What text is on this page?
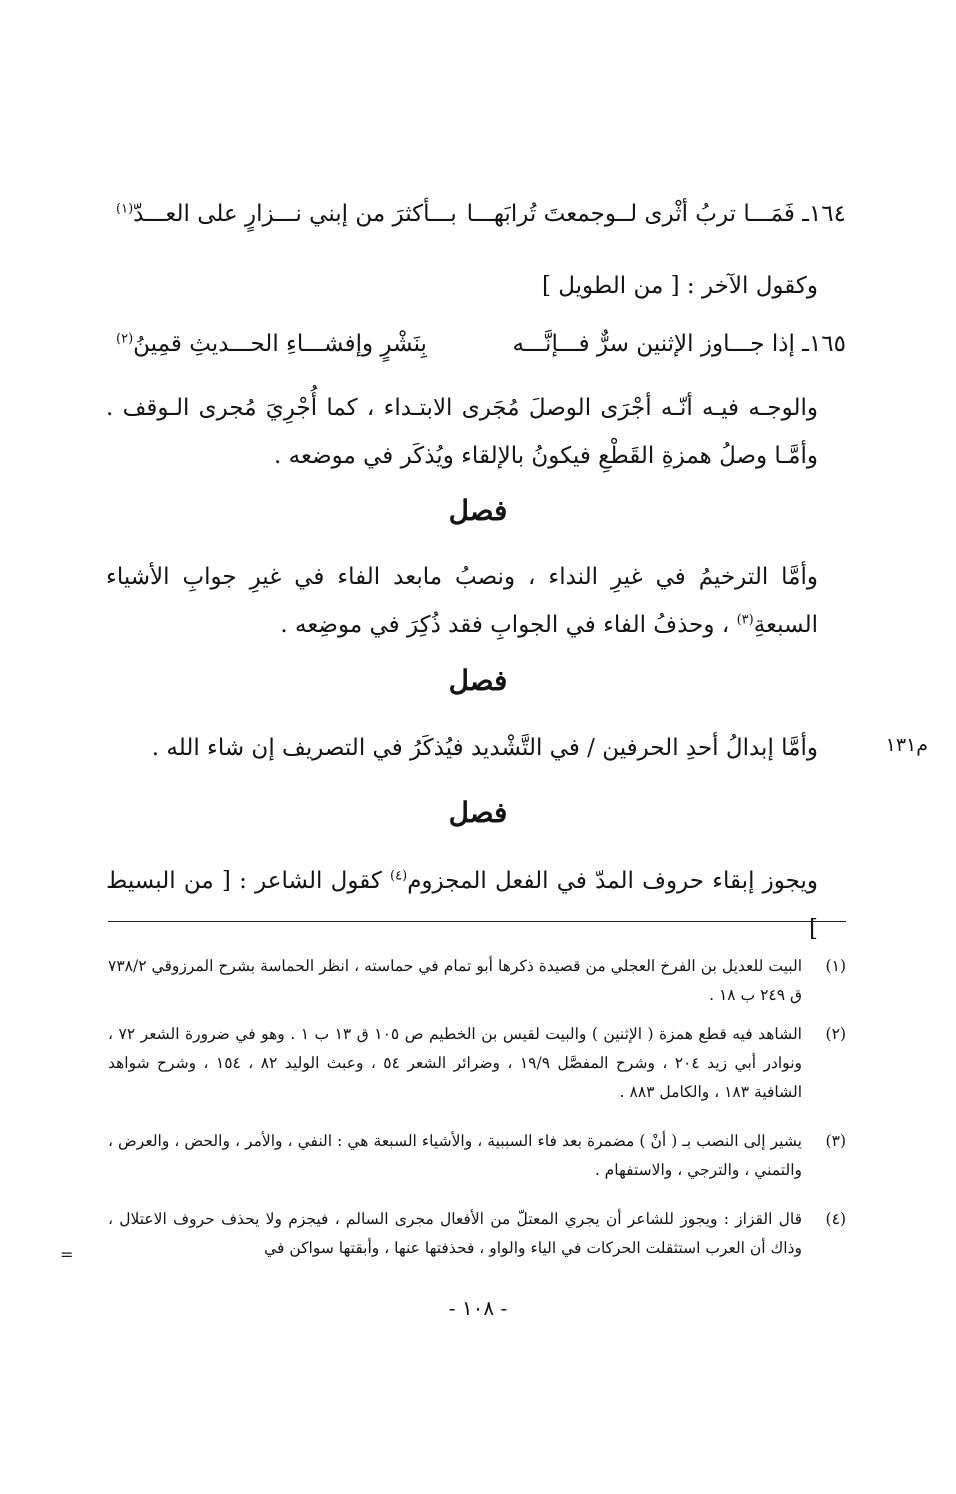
١٦٤ـ فَمَـــا تربُ أثْرى لــوجمعتَ تُرابَهـــا
بـــأكثرَ من إبني نـــزارٍ على العـــدّ$^{(١)}$
وكقول الآخر : [ من الطويل ]
١٦٥ـ إذا جـــاوز الإثنين سرٌّ فـــإنَّـــه
بِنَشْرٍ وإفشـــاءِ الحـــديثِ قمِينُ$^{(٢)}$
والوجـه فيـه أنّـه أجْرَى الوصلَ مُجَرى الابتـداء ، كما أُجْرِيَ مُجرى الـوقف . وأمَّـا وصلُ همزةِ القَطْعِ فيكونُ بالإلقاء ويُذكَر في موضعه .
فصل
وأمَّا الترخيمُ في غيرِ النداء ، ونصبُ مابعد الفاء في غيرِ جوابِ الأشياء السبعةِ$^{(٣)}$ ، وحذفُ الفاء في الجوابِ فقد ذُكِرَ في موضِعه .
فصل
وأمَّا إبدالُ أحدِ الحرفين / في التَّشْديد فيُذكَرُ في التصريف إن شاء الله .	م١٣١
فصل
ويجوز إبقاء حروف المدّ في الفعل المجزوم$^{(٤)}$ كقول الشاعر : [ من البسيط ]
(١)
البيت للعديل بن الفرخ العجلي من قصيدة ذكرها أبو تمام في حماسته ، انظر الحماسة بشرح المرزوقي ٧٣٨/٢ ق ٢٤٩ ب ١٨ .
(٢)
الشاهد فيه قطع همزة ( الإثنين ) والبيت لقيس بن الخطيم ص ١٠٥ ق ١٣ ب ١ . وهو في ضرورة الشعر ٧٢ ، ونوادر أبي زيد ٢٠٤ ، وشرح المفصَّل ١٩/٩ ، وضرائر الشعر ٥٤ ، وعبث الوليد ٨٢ ، ١٥٤ ، وشرح شواهد الشافية ١٨٣ ، والكامل ٨٨٣ .
(٣)
يشير إلى النصب بـ ( أنْ ) مضمرة بعد فاء السببية ، والأشياء السبعة هي : النفي ، والأمر ، والحض ، والعرض ، والتمني ، والترجي ، والاستفهام .
(٤)
قال القزاز : ويجوز للشاعر أن يجري المعتلّ من الأفعال مجرى السالم ، فيجزم ولا يحذف حروف الاعتلال ، وذاك أن العرب استثقلت الحركات في الياء والواو ، فحذفتها عنها ، وأبقتها سواكن في
=
- ١٠٨ -
